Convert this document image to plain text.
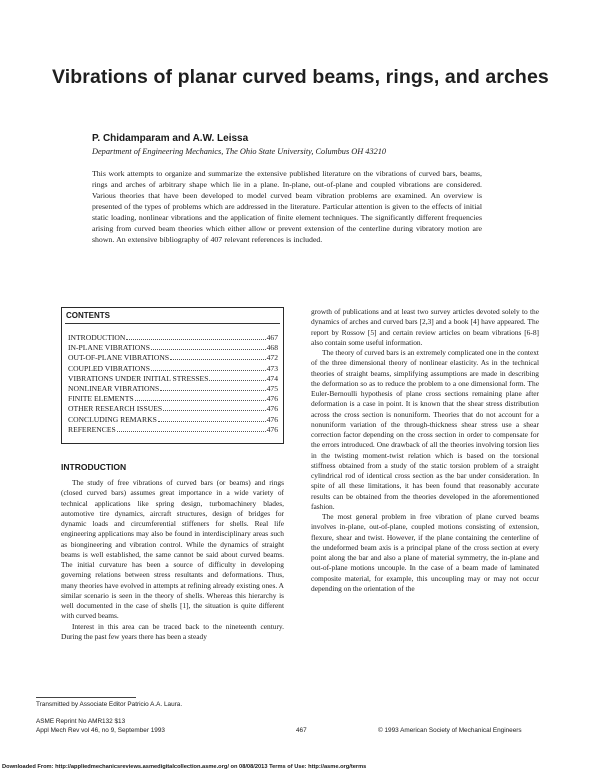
Vibrations of planar curved beams, rings, and arches
P. Chidamparam and A.W. Leissa
Department of Engineering Mechanics, The Ohio State University, Columbus OH 43210
This work attempts to organize and summarize the extensive published literature on the vibrations of curved bars, beams, rings and arches of arbitrary shape which lie in a plane. In-plane, out-of-plane and coupled vibrations are considered. Various theories that have been developed to model curved beam vibration problems are examined. An overview is presented of the types of problems which are addressed in the literature. Particular attention is given to the effects of initial static loading, nonlinear vibrations and the application of finite element techniques. The significantly different frequencies arising from curved beam theories which either allow or prevent extension of the centerline during vibratory motion are shown. An extensive bibliography of 407 relevant references is included.
CONTENTS
INTRODUCTION	467
IN-PLANE VIBRATIONS	468
OUT-OF-PLANE VIBRATIONS	472
COUPLED VIBRATIONS	473
VIBRATIONS UNDER INITIAL STRESSES	474
NONLINEAR VIBRATIONS	475
FINITE ELEMENTS	476
OTHER RESEARCH ISSUES	476
CONCLUDING REMARKS	476
REFERENCES	476
INTRODUCTION

The study of free vibrations of curved bars (or beams) and rings (closed curved bars) assumes great importance in a wide variety of technical applications like spring design, turbomachinery blades, automotive tire dynamics, aircraft structures, design of bridges for dynamic loads and circumferential stiffeners for shells. Real life engineering applications may also be found in interdisciplinary areas such as biongineering and vibration control. While the dynamics of straight beams is well established, the same cannot be said about curved beams. The initial curvature has been a source of difficulty in developing governing relations between stress resultants and deformations. Thus, many theories have evolved in attempts at refining already existing ones. A similar scenario is seen in the theory of shells. Whereas this hierarchy is well documented in the case of shells [1], the situation is quite different with curved beams.

Interest in this area can be traced back to the nineteenth century. During the past few years there has been a steady

growth of publications and at least two survey articles devoted solely to the dynamics of arches and curved bars [2,3] and a book [4] have appeared. The report by Rossow [5] and certain review articles on beam vibrations [6-8] also contain some useful information.

The theory of curved bars is an extremely complicated one in the context of the three dimensional theory of nonlinear elasticity. As in the technical theories of straight beams, simplifying assumptions are made in describing the deformation so as to reduce the problem to a one dimensional form. The Euler-Bernoulli hypothesis of plane cross sections remaining plane after deformation is a case in point. It is known that the shear stress distribution across the cross section is nonuniform. Theories that do not account for a nonuniform variation of the through-thickness shear stress use a shear correction factor depending on the cross section in order to compensate for the errors introduced. One drawback of all the theories involving torsion lies in the twisting moment-twist relation which is based on the torsional stiffness obtained from a study of the static torsion problem of a straight cylindrical rod of identical cross section as the bar under consideration. In spite of all these limitations, it has been found that reasonably accurate results can be obtained from the theories developed in the aforementioned fashion.

The most general problem in free vibration of plane curved beams involves in-plane, out-of-plane, coupled motions consisting of extension, flexure, shear and twist. However, if the plane containing the centerline of the undeformed beam axis is a principal plane of the cross section at every point along the bar and also a plane of material symmetry, the in-plane and out-of-plane motions uncouple. In the case of a beam made of laminated composite material, for example, this uncoupling may or may not occur depending on the orientation of the

Transmitted by Associate Editor Patricio A.A. Laura.
ASME Reprint No AMR132 $13
Appl Mech Rev vol 46, no 9, September 1993	467	© 1993 American Society of Mechanical Engineers
Downloaded From: http://appliedmechanicsreviews.asmedigitalcollection.asme.org/ on 08/08/2013 Terms of Use: http://asme.org/terms
